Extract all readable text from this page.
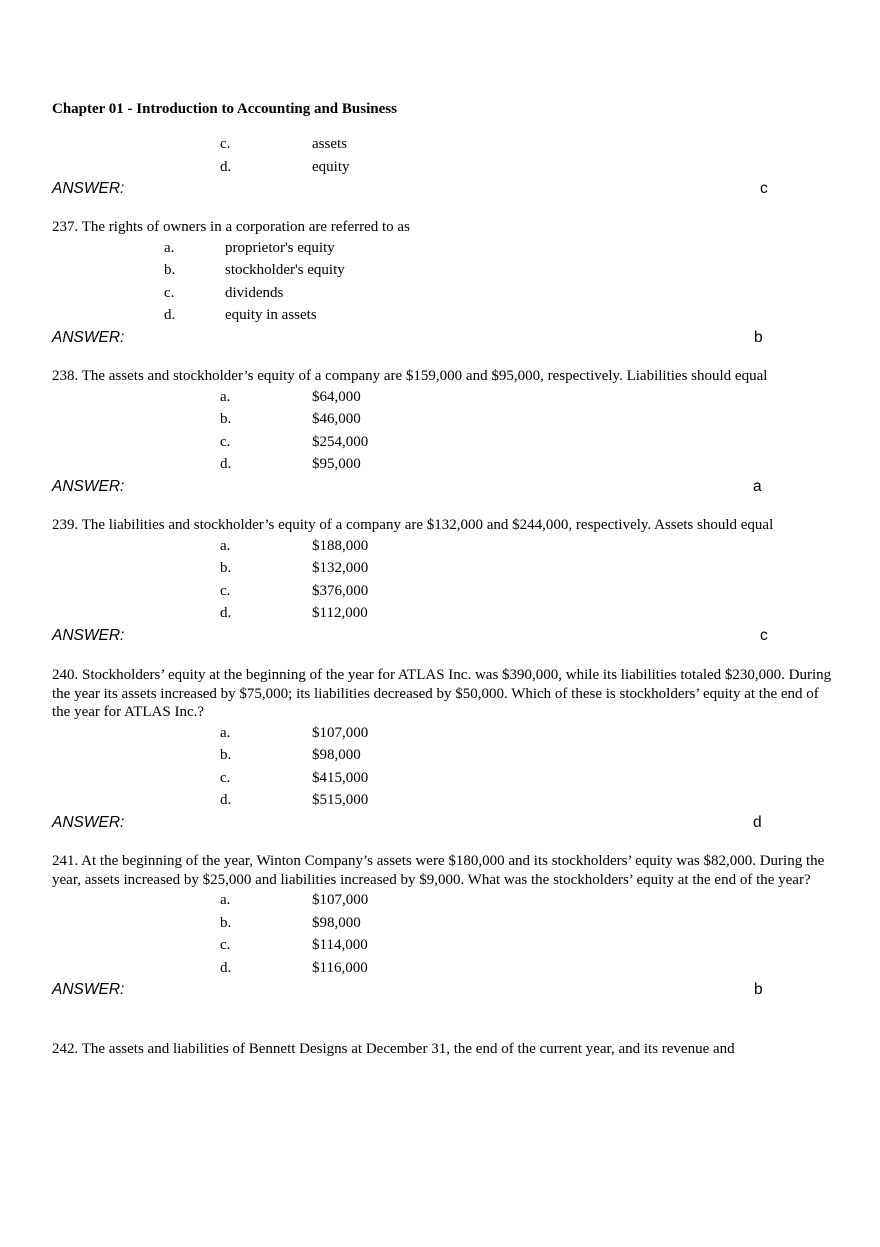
Chapter 01 - Introduction to Accounting and Business
c.	assets
d.	equity
ANSWER:	c

237. The rights of owners in a corporation are referred to as

a.	proprietor's equity
b.	stockholder's equity
c.	dividends
d.	equity in assets
ANSWER:	b

238. The assets and stockholder’s equity of a company are $159,000 and $95,000, respectively. Liabilities should equal

a.	$64,000
b.	$46,000
c.	$254,000
d.	$95,000
ANSWER:	a

239. The liabilities and stockholder’s equity of a company are $132,000 and $244,000, respectively. Assets should equal

a.	$188,000
b.	$132,000
c.	$376,000
d.	$112,000
ANSWER:	c

240. Stockholders’ equity at the beginning of the year for ATLAS Inc. was $390,000, while its liabilities totaled $230,000. During the year its assets increased by $75,000; its liabilities decreased by $50,000. Which of these is stockholders’ equity at the end of the year for ATLAS Inc.?

a.	$107,000
b.	$98,000
c.	$415,000
d.	$515,000
ANSWER:	d

241. At the beginning of the year, Winton Company’s assets were $180,000 and its stockholders’ equity was $82,000. During the year, assets increased by $25,000 and liabilities increased by $9,000. What was the stockholders’ equity at the end of the year?

a.	$107,000
b.	$98,000
c.	$114,000
d.	$116,000
ANSWER:	b

242. The assets and liabilities of Bennett Designs at December 31, the end of the current year, and its revenue and
